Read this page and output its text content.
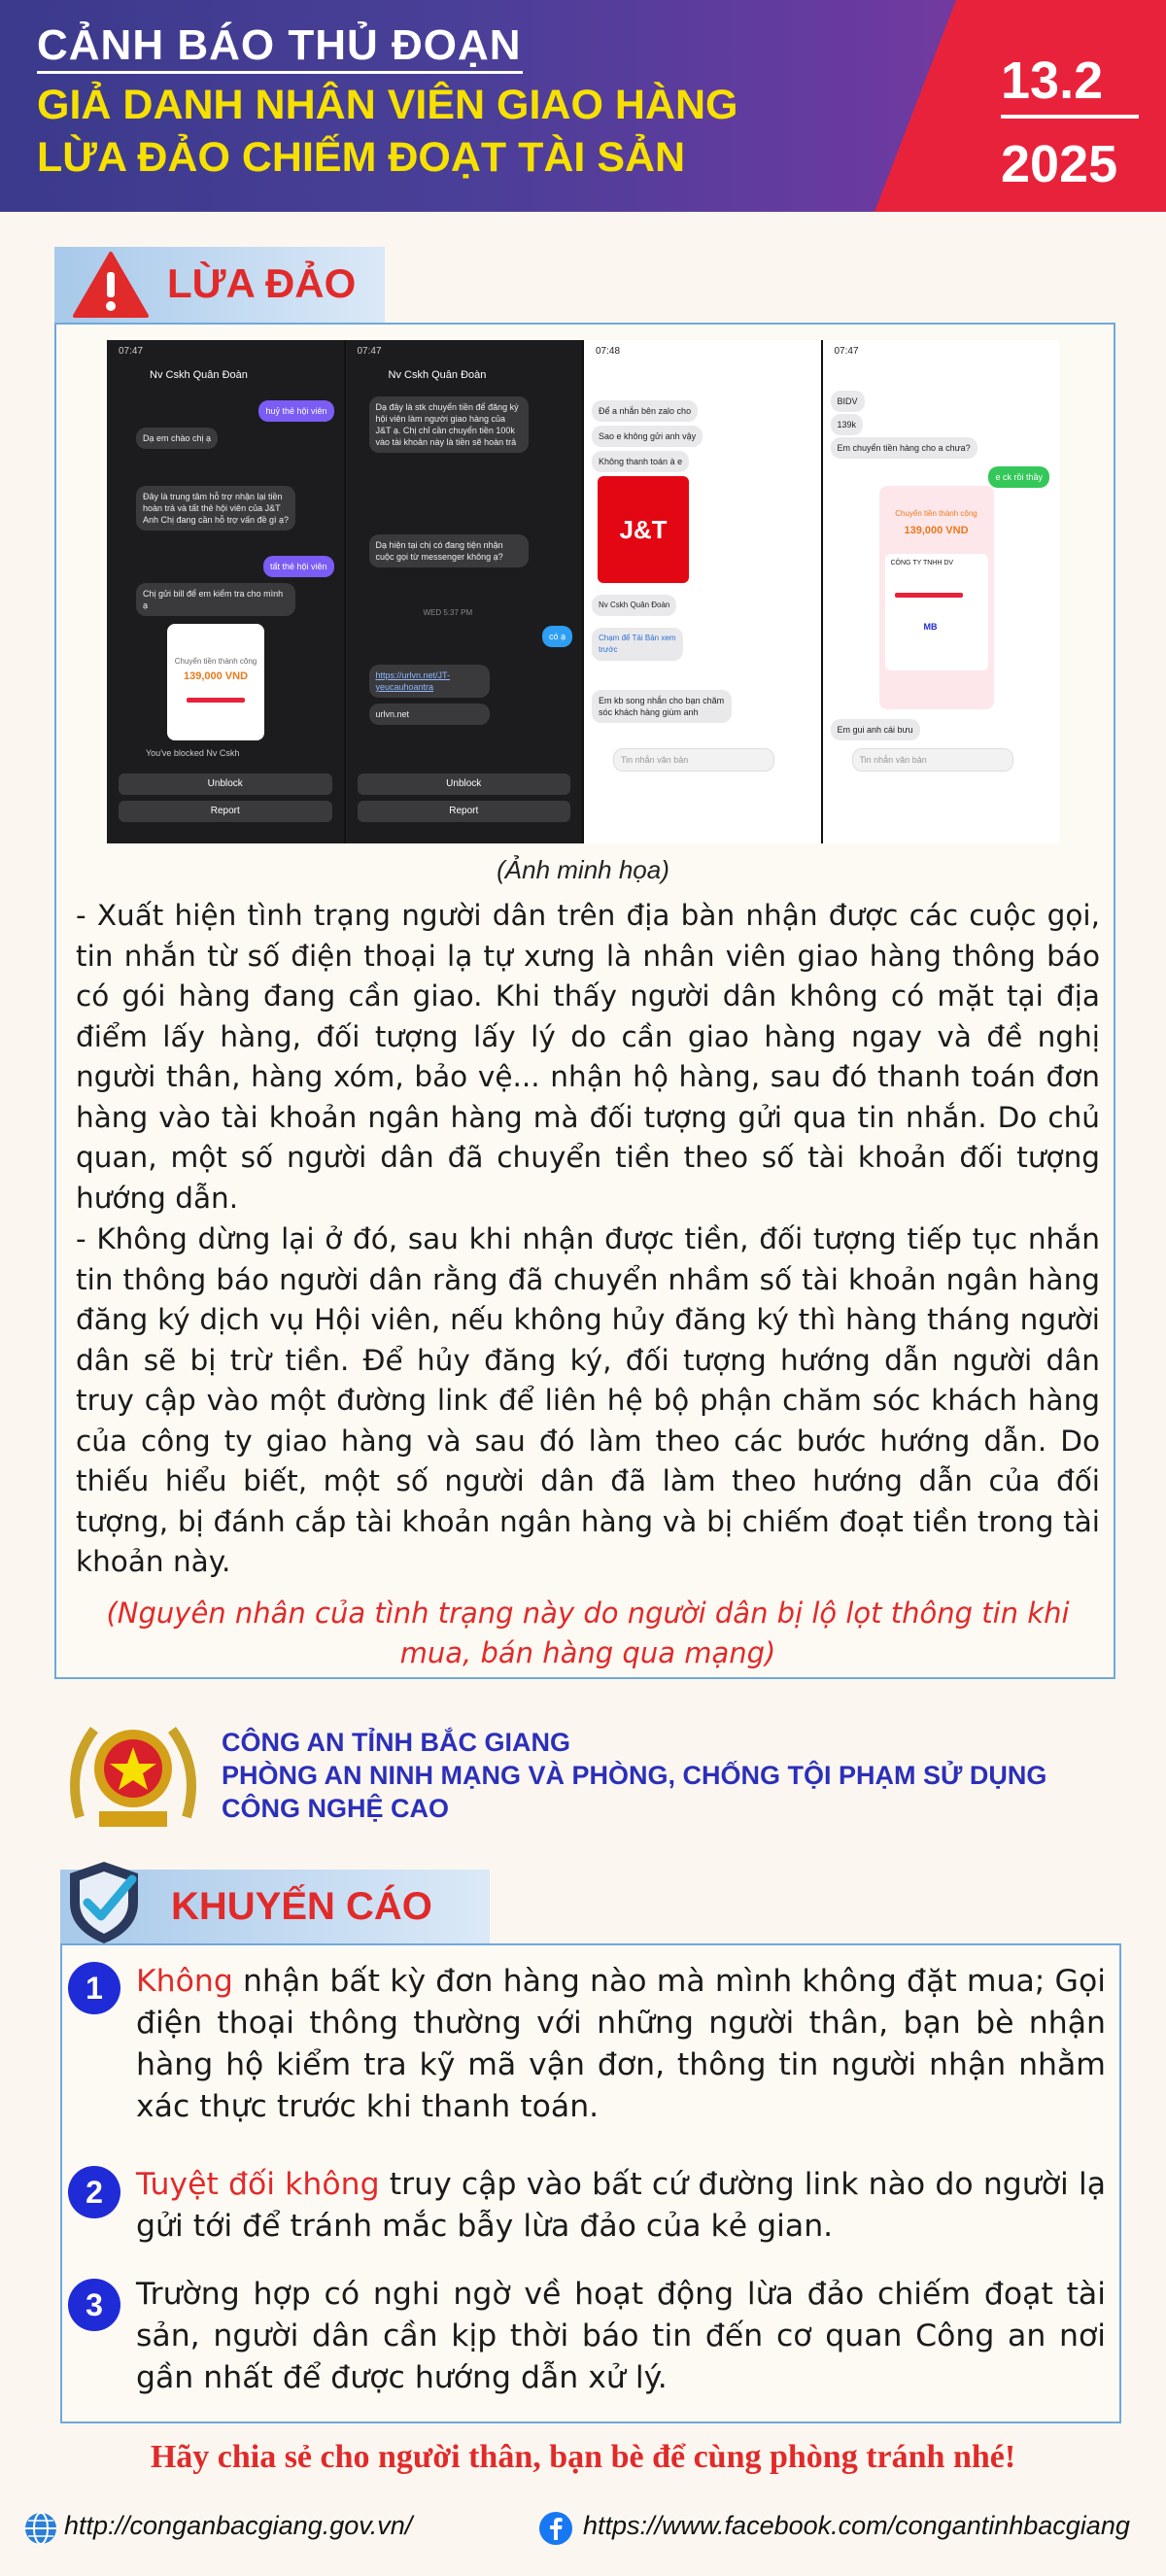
CẢNH BÁO THỦ ĐOẠN
GIẢ DANH NHÂN VIÊN GIAO HÀNG
LỪA ĐẢO CHIẾM ĐOẠT TÀI SẢN
13.2
2025
LỪA ĐẢO
07:47
Nv Cskh Quân Đoàn
huỷ thẻ hội viên
Dạ em chào chị ạ
Đây là trung tâm hỗ trợ nhận lại tiền hoàn trả và tất thẻ hội viên của J&T Anh Chị đang cần hỗ trợ vấn đề gì ạ?
tất thẻ hội viên
Chị gửi bill để em kiểm tra cho mình ạ
Chuyển tiền thành công
139,000 VND
You've blocked Nv Cskh
Unblock
Report
07:47
Nv Cskh Quân Đoàn
Dạ đây là stk chuyển tiền để đăng ký hội viên làm người giao hàng của J&T ạ. Chị chỉ cần chuyển tiền 100k vào tài khoản này là tiền sẽ hoàn trả
Dạ hiện tại chị có đang tiện nhận cuộc gọi từ messenger không ạ?
WED 5:37 PM
có ạ
https://urlvn.net/JT-yeucauhoantra
urlvn.net
Unblock
Report
07:48
Để a nhắn bên zalo cho
Sao e không gửi anh vậy
Không thanh toán à e
J&T
Nv Cskh Quân Đoàn
Chạm để Tải Bản xem trước
Em kb song nhắn cho bạn chăm sóc khách hàng giùm anh
Tin nhắn văn bản
07:47
BIDV
139k
Em chuyển tiền hàng cho a chưa?
e ck rồi thầy
Chuyển tiền thành công
139,000 VND
CÔNG TY TNHH DV
MB
Em gui anh cái bưu
Tin nhắn văn bản
(Ảnh minh họa)
- Xuất hiện tình trạng người dân trên địa bàn nhận được các cuộc gọi, tin nhắn từ số điện thoại lạ tự xưng là nhân viên giao hàng thông báo có gói hàng đang cần giao. Khi thấy người dân không có mặt tại địa điểm lấy hàng, đối tượng lấy lý do cần giao hàng ngay và đề nghị người thân, hàng xóm, bảo vệ... nhận hộ hàng, sau đó thanh toán đơn hàng vào tài khoản ngân hàng mà đối tượng gửi qua tin nhắn. Do chủ quan, một số người dân đã chuyển tiền theo số tài khoản đối tượng hướng dẫn.
- Không dừng lại ở đó, sau khi nhận được tiền, đối tượng tiếp tục nhắn tin thông báo người dân rằng đã chuyển nhầm số tài khoản ngân hàng đăng ký dịch vụ Hội viên, nếu không hủy đăng ký thì hàng tháng người dân sẽ bị trừ tiền. Để hủy đăng ký, đối tượng hướng dẫn người dân truy cập vào một đường link để liên hệ bộ phận chăm sóc khách hàng của công ty giao hàng và sau đó làm theo các bước hướng dẫn. Do thiếu hiểu biết, một số người dân đã làm theo hướng dẫn của đối tượng, bị đánh cắp tài khoản ngân hàng và bị chiếm đoạt tiền trong tài khoản này.
(Nguyên nhân của tình trạng này do người dân bị lộ lọt thông tin khi mua, bán hàng qua mạng)
CÔNG AN TỈNH BẮC GIANG
PHÒNG AN NINH MẠNG VÀ PHÒNG, CHỐNG TỘI PHẠM SỬ DỤNG
CÔNG NGHỆ CAO
KHUYẾN CÁO
1	Không nhận bất kỳ đơn hàng nào mà mình không đặt mua; Gọi điện thoại thông thường với những người thân, bạn bè nhận hàng hộ kiểm tra kỹ mã vận đơn, thông tin người nhận nhằm xác thực trước khi thanh toán.
2	Tuyệt đối không truy cập vào bất cứ đường link nào do người lạ gửi tới để tránh mắc bẫy lừa đảo của kẻ gian.
3	Trường hợp có nghi ngờ về hoạt động lừa đảo chiếm đoạt tài sản, người dân cần kịp thời báo tin đến cơ quan Công an nơi gần nhất để được hướng dẫn xử lý.
Hãy chia sẻ cho người thân, bạn bè để cùng phòng tránh nhé!
http://conganbacgiang.gov.vn/	https://www.facebook.com/congantinhbacgiang
